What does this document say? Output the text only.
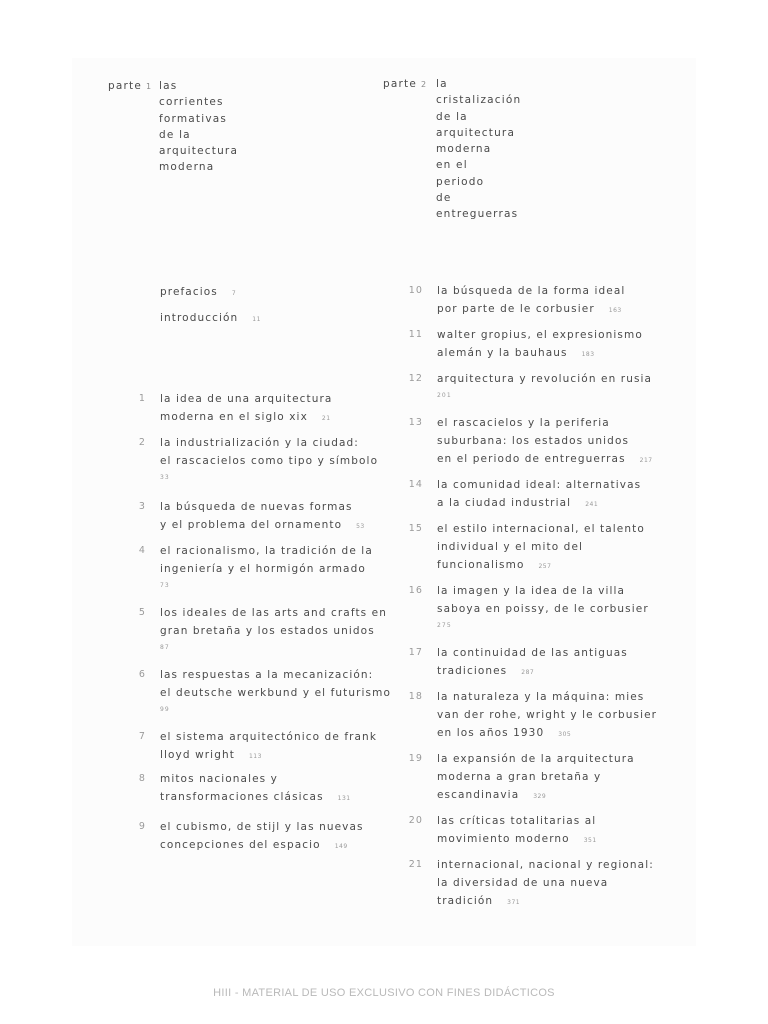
parte 1 las
corrientes
formativas
de la
arquitectura
moderna
parte 2 la
cristalización
de la
arquitectura
moderna
en el
periodo
de
entreguerras
prefacios 7
introducción 11
1 la idea de una arquitectura
moderna en el siglo xix 21
2 la industrialización y la ciudad:
el rascacielos como tipo y símbolo
33
3 la búsqueda de nuevas formas
y el problema del ornamento 53
4 el racionalismo, la tradición de la
ingeniería y el hormigón armado
73
5 los ideales de las arts and crafts en
gran bretaña y los estados unidos
87
6 las respuestas a la mecanización:
el deutsche werkbund y el futurismo
99
7 el sistema arquitectónico de frank
lloyd wright 113
8 mitos nacionales y
transformaciones clásicas 131
9 el cubismo, de stijl y las nuevas
concepciones del espacio 149
10 la búsqueda de la forma ideal
por parte de le corbusier 163
11 walter gropius, el expresionismo
alemán y la bauhaus 183
12 arquitectura y revolución en rusia
201
13 el rascacielos y la periferia
suburbana: los estados unidos
en el periodo de entreguerras 217
14 la comunidad ideal: alternativas
a la ciudad industrial 241
15 el estilo internacional, el talento
individual y el mito del
funcionalismo 257
16 la imagen y la idea de la villa
saboya en poissy, de le corbusier
275
17 la continuidad de las antiguas
tradiciones 287
18 la naturaleza y la máquina: mies
van der rohe, wright y le corbusier
en los años 1930 305
19 la expansión de la arquitectura
moderna a gran bretaña y
escandinavia 329
20 las críticas totalitarias al
movimiento moderno 351
21 internacional, nacional y regional:
la diversidad de una nueva
tradición 371
HIII - MATERIAL DE USO EXCLUSIVO CON FINES DIDÁCTICOS
